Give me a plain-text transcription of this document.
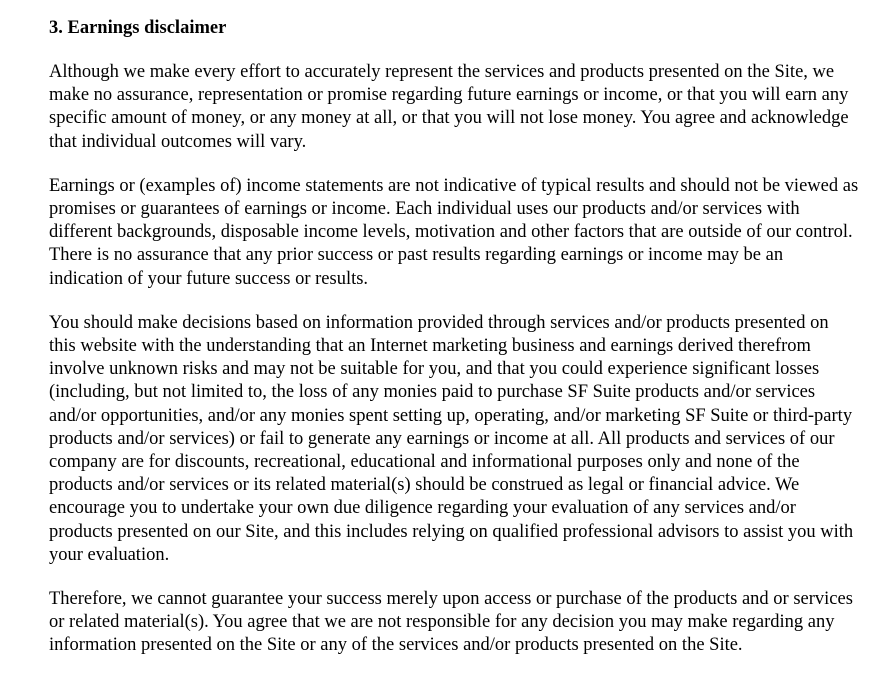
3. Earnings disclaimer

Although we make every effort to accurately represent the services and products presented on the Site, we make no assurance, representation or promise regarding future earnings or income, or that you will earn any specific amount of money, or any money at all, or that you will not lose money. You agree and acknowledge that individual outcomes will vary.

Earnings or (examples of) income statements are not indicative of typical results and should not be viewed as promises or guarantees of earnings or income. Each individual uses our products and/or services with different backgrounds, disposable income levels, motivation and other factors that are outside of our control. There is no assurance that any prior success or past results regarding earnings or income may be an indication of your future success or results.

You should make decisions based on information provided through services and/or products presented on this website with the understanding that an Internet marketing business and earnings derived therefrom involve unknown risks and may not be suitable for you, and that you could experience significant losses (including, but not limited to, the loss of any monies paid to purchase SF Suite products and/or services and/or opportunities, and/or any monies spent setting up, operating, and/or marketing SF Suite or third-party products and/or services) or fail to generate any earnings or income at all. All products and services of our company are for discounts, recreational, educational and informational purposes only and none of the products and/or services or its related material(s) should be construed as legal or financial advice. We encourage you to undertake your own due diligence regarding your evaluation of any services and/or products presented on our Site, and this includes relying on qualified professional advisors to assist you with your evaluation.

Therefore, we cannot guarantee your success merely upon access or purchase of the products and or services or related material(s). You agree that we are not responsible for any decision you may make regarding any information presented on the Site or any of the services and/or products presented on the Site.
